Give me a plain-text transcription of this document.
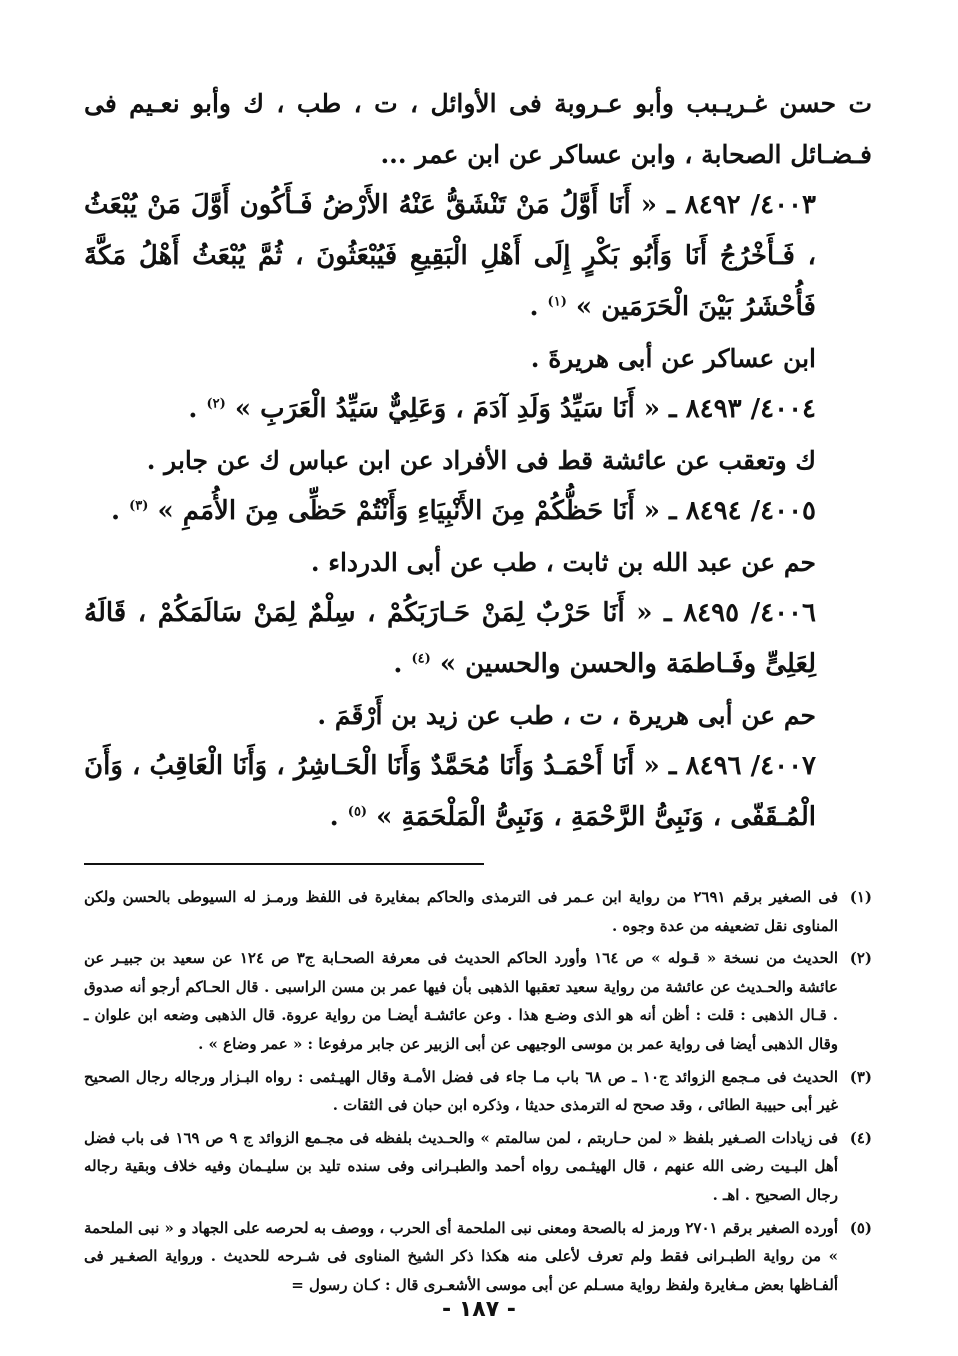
ت حسن غـريـبب وأبو عـروبة فى الأوائل ، ت ، طب ، ك وأبو نعـيم فى فـضـائل الصحابة ، وابن عساكر عن ابن عمر ...

٤٠٠٣/ ٨٤٩٢ ـ « أَنَا أَوَّلُ مَنْ تَنْشَقُّ عَنْهُ الأَرْضُ فَـأَكُون أَوَّلَ مَنْ يُبْعَثُ ، فَـأَخْرُجُ أَنَا وَأَبُو بَكْرٍ إِلَى أَهْلِ الْبَقِيعِ فَيُبْعَثُونَ ، ثُمَّ يُبْعَثُ أَهْلُ مَكَّةَ فَأُحْشَرُ بَيْنَ الْحَرَمَين » $^{(١)}$ .

ابن عساكر عن أبى هريرةَ .

٤٠٠٤/ ٨٤٩٣ ـ « أَنَا سَيِّدُ وَلَدِ آدَمَ ، وَعَلِيٌّ سَيِّدُ الْعَرَبِ » $^{(٢)}$ .

ك وتعقب عن عائشة قط فى الأفراد عن ابن عباس ك عن جابر .

٤٠٠٥/ ٨٤٩٤ ـ « أَنَا حَظُّكُمْ مِنَ الأَنْبِيَاءِ وَأَنْتُمْ حَظِّى مِنَ الأُمَمِ » $^{(٣)}$ .

حم عن عبد الله بن ثابت ، طب عن أبى الدرداء .

٤٠٠٦/ ٨٤٩٥ ـ « أَنَا حَرْبٌ لِمَنْ حَـارَبَكُمْ ، سِلْمٌ لِمَنْ سَالَمَكُمْ ، قَالَهُ لِعَلِىٍّ وفَـاطمَة والحسن والحسين » $^{(٤)}$ .

حم عن أبى هريرة ، ت ، طب عن زيد بن أَرْقَمَ .

٤٠٠٧/ ٨٤٩٦ ـ « أَنَا أَحْمَـدُ وَأَنَا مُحَمَّدٌ وَأَنَا الْحَـاشِرُ ، وَأَنَا الْعَاقِبُ ، وَأَنَ الْمُـقَفّى ، وَنَبِىُّ الرَّحْمَةِ ، وَنَبِىُّ الْمَلْحَمَةِ » $^{(٥)}$ .

(١)
فى الصغير برقم ٢٦٩١ من رواية ابن عـمر فى الترمذى والحاكم بمغايرة فى اللفظ ورمـز له السيوطى بالحسن ولكن المناوى نقل تضعيفه من عدة وجوه .
(٢)
الحديث من نسخة « قـوله » ص ١٦٤ وأورد الحاكم الحديث فى معرفة الصحـابة ج٣ ص ١٢٤ عن سعيد بن جبيـر عن عائشة والحـديث عن عائشة من رواية سعيد تعقبها الذهبى بأن فيها عمر بن مسن الراسبى . قال الحـاكم أرجو أنه صدوق . قـال الذهبى : قلت : أظن أنه هو الذى وضـع هذا . وعن عائشـة أيضـا من رواية عروة. قال الذهبى وضعه ابن علوان ـ وقال الذهبى أيضا فى رواية عمر بن موسى الوجيهى عن أبى الزبير عن جابر مرفوعا : « عمر وضاع » .
(٣)
الحديث فى مـجمع الزوائد ج١٠ ـ ص ٦٨ باب مـا جاء فى فضل الأمـة وقال الهيـثمى : رواه البـزار ورجاله رجال الصحيح غير أبى حبيبة الطائى ، وقد صحح له الترمذى حديثا ، وذكره ابن حبان فى الثقات .
(٤)
فى زيادات الصـغير بلفظ « لمن حـاربتم ، لمن سالمتم » والحـديث بلفظه فى مجـمع الزوائد ج ٩ ص ١٦٩ فى باب فضل أهل البـيت رضى الله عنهم ، قال الهيثـمى رواه أحمد والطبـرانى وفى سنده تليد بن سليـمان وفيه خلاف وبقية رجاله رجال الصحيح . اهـ .
(٥)
أورده الصغير برقم ٢٧٠١ ورمز له بالصحة ومعنى نبى الملحمة أى الحرب ، ووصف به لحرصه على الجهاد و « نبى الملحمة » من رواية الطبـرانى فقط ولم تعرف لأعلى منه هكذا ذكر الشيخ المناوى فى شـرحه للحديث . ورواية الصغـير فى ألفـاظها بعض مـغايرة ولفظ رواية مسـلم عن أبى موسى الأشعـرى قال : كـان رسول =
- ١٨٧ -
